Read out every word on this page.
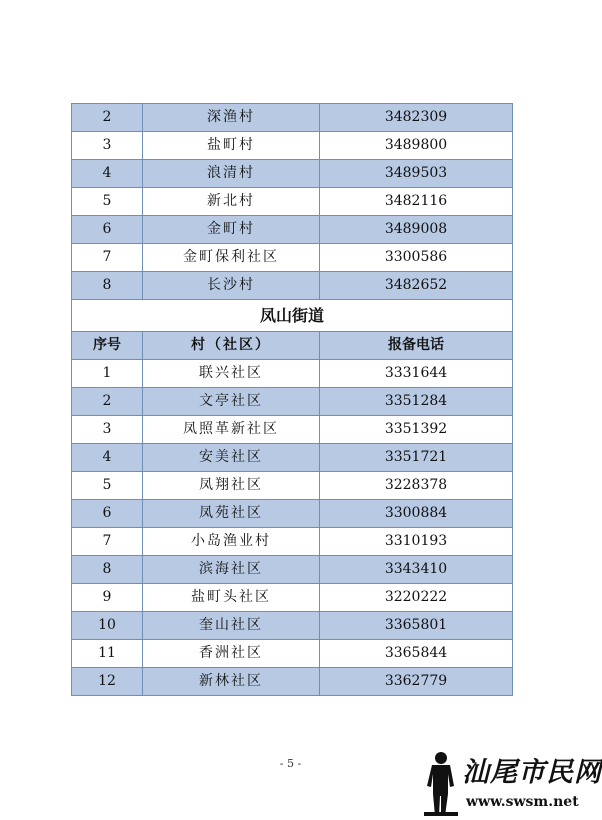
2	深渔村	3482309
3	盐町村	3489800
4	浪清村	3489503
5	新北村	3482116
6	金町村	3489008
7	金町保利社区	3300586
8	长沙村	3482652
凤山街道		
序号	村（社区）	报备电话
1	联兴社区	3331644
2	文亭社区	3351284
3	凤照革新社区	3351392
4	安美社区	3351721
5	凤翔社区	3228378
6	凤苑社区	3300884
7	小岛渔业村	3310193
8	滨海社区	3343410
9	盐町头社区	3220222
10	奎山社区	3365801
11	香洲社区	3365844
12	新林社区	3362779
- 5 -	汕尾市民网
www.swsm.net
